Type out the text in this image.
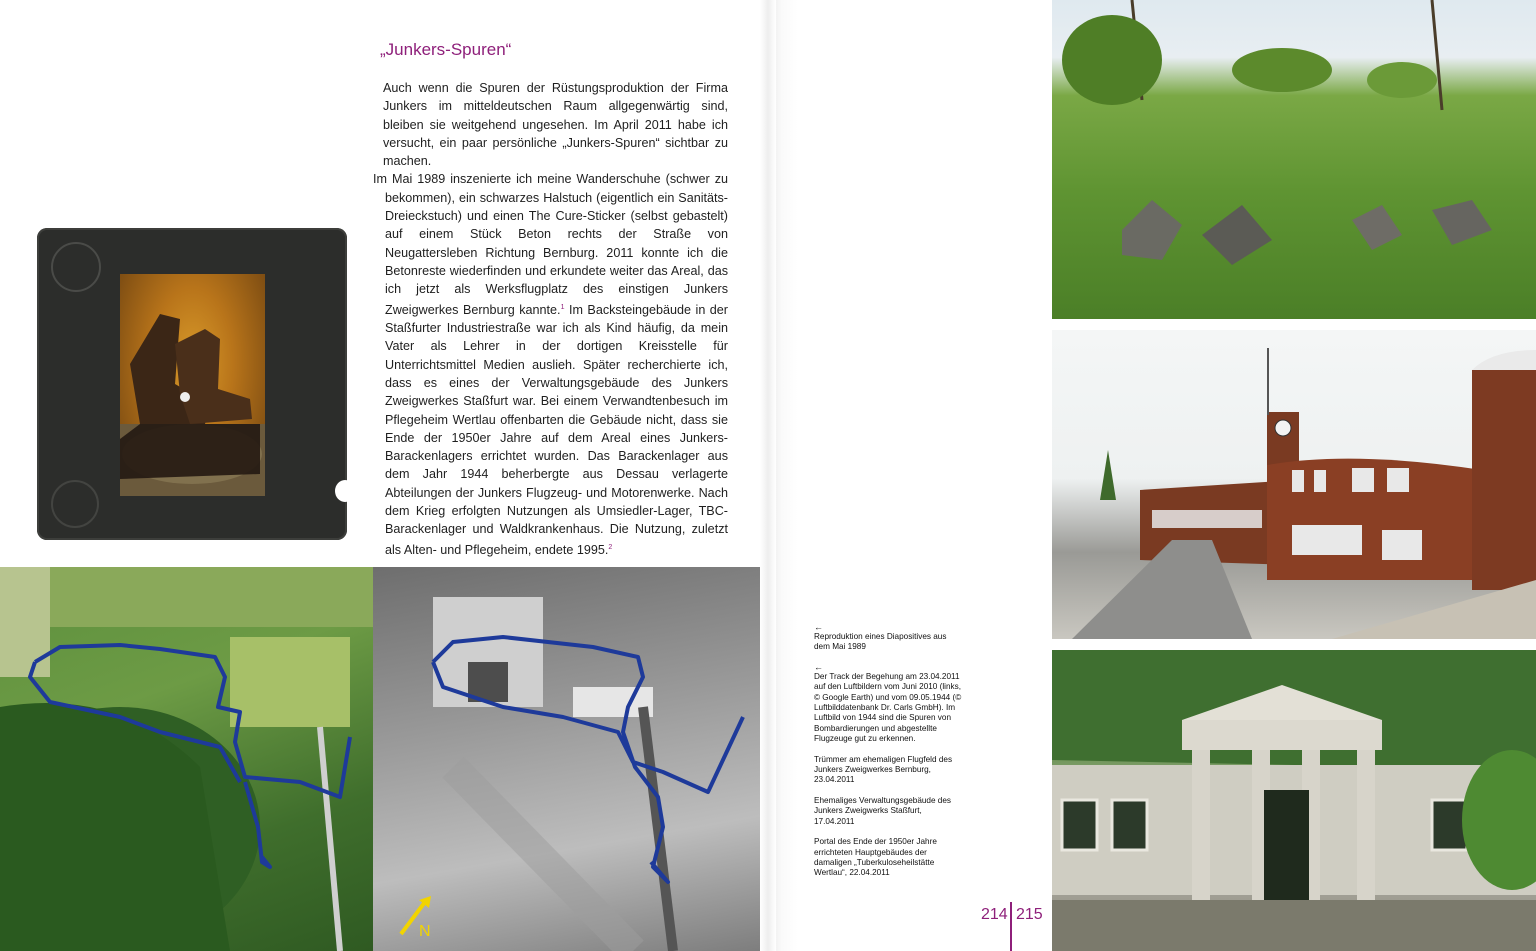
„Junkers-Spuren“

Auch wenn die Spuren der Rüstungsproduktion der Firma Junkers im mitteldeutschen Raum allgegenwärtig sind, bleiben sie weitgehend ungesehen. Im April 2011 habe ich versucht, ein paar persönliche „Junkers-Spuren“ sichtbar zu machen.

Im Mai 1989 inszenierte ich meine Wanderschuhe (schwer zu bekommen), ein schwarzes Halstuch (eigentlich ein Sanitäts-Dreieckstuch) und einen The Cure-Sticker (selbst gebastelt) auf einem Stück Beton rechts der Straße von Neugattersleben Richtung Bernburg. 2011 konnte ich die Betonreste wiederfinden und erkundete weiter das Areal, das ich jetzt als Werksflugplatz des einstigen Junkers Zweigwerkes Bernburg kannte.$^1$ Im Backsteingebäude in der Staßfurter Industriestraße war ich als Kind häufig, da mein Vater als Lehrer in der dortigen Kreisstelle für Unterrichtsmittel Medien auslieh. Später recherchierte ich, dass es eines der Verwaltungsgebäude des Junkers Zweigwerkes Staßfurt war. Bei einem Verwandtenbesuch im Pflegeheim Wertlau offenbarten die Gebäude nicht, dass sie Ende der 1950er Jahre auf dem Areal eines Junkers-Barackenlagers errichtet wurden. Das Barackenlager aus dem Jahr 1944 beherbergte aus Dessau verlagerte Abteilungen der Junkers Flugzeug- und Motorenwerke. Nach dem Krieg erfolgten Nutzungen als Umsiedler-Lager, TBC-Barackenlager und Waldkrankenhaus. Die Nutzung, zuletzt als Alten- und Pflegeheim, endete 1995.$^2$

N
←
Reproduktion eines Diapositives aus dem Mai 1989
←
Der Track der Begehung am 23.04.2011 auf den Luftbildern vom Juni 2010 (links, © Google Earth) und vom 09.05.1944 (© Luftbilddatenbank Dr. Carls GmbH). Im Luftbild von 1944 sind die Spuren von Bombardierungen und abgestellte Flugzeuge gut zu erkennen.
Trümmer am ehemaligen Flugfeld des Junkers Zweigwerkes Bernburg, 23.04.2011
Ehemaliges Verwaltungsgebäude des Junkers Zweigwerks Staßfurt, 17.04.2011
Portal des Ende der 1950er Jahre errichteten Hauptgebäudes der damaligen „Tuberkuloseheilstätte Wertlau“, 22.04.2011
214 215
